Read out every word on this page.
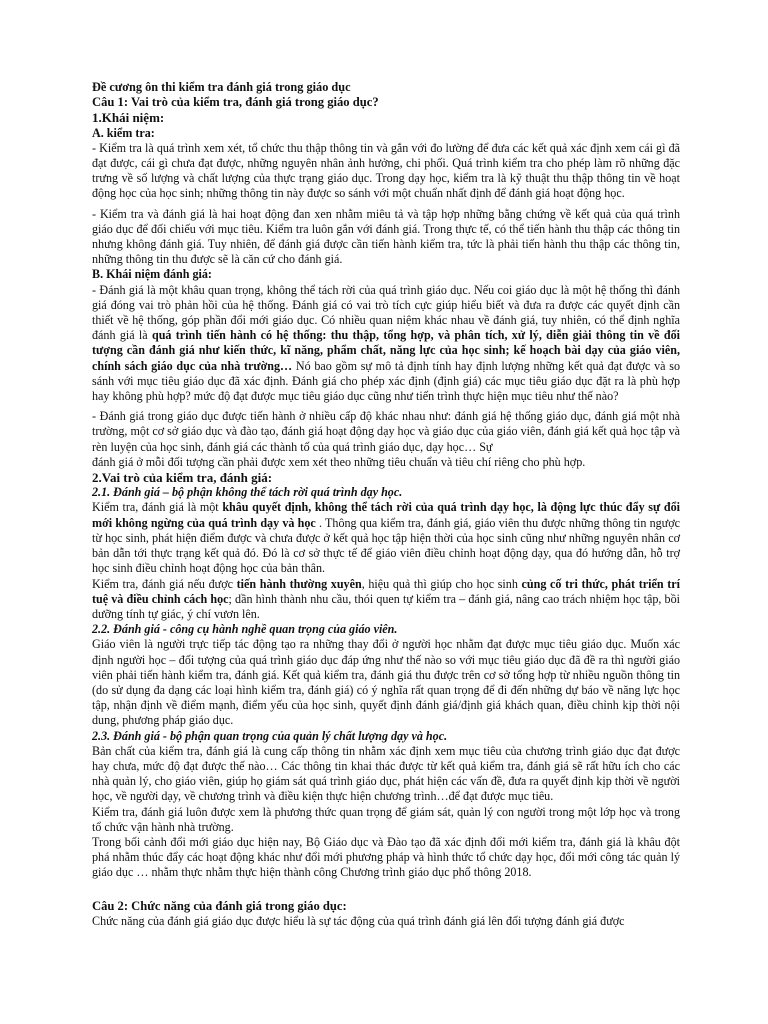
Đề cương ôn thi kiểm tra đánh giá trong giáo dục

Câu 1: Vai trò của kiểm tra, đánh giá trong giáo dục?

1.Khái niệm:

A. kiểm tra:

- Kiểm tra là quá trình xem xét, tổ chức thu thập thông tin và gắn với đo lường để đưa các kết quả xác định xem cái gì đã đạt được, cái gì chưa đạt được, những nguyên nhân ảnh hưởng, chi phối. Quá trình kiểm tra cho phép làm rõ những đặc trưng về số lượng và chất lượng của thực trạng giáo dục. Trong dạy học, kiểm tra là kỹ thuật thu thập thông tin về hoạt động học của học sinh; những thông tin này được so sánh với một chuẩn nhất định để đánh giá hoạt động học.

- Kiểm tra và đánh giá là hai hoạt động đan xen nhằm miêu tả và tập hợp những bằng chứng về kết quả của quá trình giáo dục để đối chiếu với mục tiêu. Kiểm tra luôn gắn với đánh giá. Trong thực tế, có thể tiến hành thu thập các thông tin nhưng không đánh giá. Tuy nhiên, để đánh giá được cần tiến hành kiểm tra, tức là phải tiến hành thu thập các thông tin, những thông tin thu được sẽ là căn cứ cho đánh giá.

B. Khái niệm đánh giá:

- Đánh giá là một khâu quan trọng, không thể tách rời của quá trình giáo dục. Nếu coi giáo dục là một hệ thống thì đánh giá đóng vai trò phản hồi của hệ thống. Đánh giá có vai trò tích cực giúp hiểu biết và đưa ra được các quyết định cần thiết về hệ thống, góp phần đổi mới giáo dục. Có nhiều quan niệm khác nhau về đánh giá, tuy nhiên, có thể định nghĩa đánh giá là quá trình tiến hành có hệ thống: thu thập, tổng hợp, và phân tích, xử lý, diễn giải thông tin về đối tượng cần đánh giá như kiến thức, kĩ năng, phẩm chất, năng lực của học sinh; kế hoạch bài dạy của giáo viên, chính sách giáo dục của nhà trường… Nó bao gồm sự mô tả định tính hay định lượng những kết quả đạt được và so sánh với mục tiêu giáo dục đã xác định. Đánh giá cho phép xác định (định giá) các mục tiêu giáo dục đặt ra là phù hợp hay không phù hợp? mức độ đạt được mục tiêu giáo dục cũng như tiến trình thực hiện mục tiêu như thế nào?

- Đánh giá trong giáo dục được tiến hành ở nhiều cấp độ khác nhau như: đánh giá hệ thống giáo dục, đánh giá một nhà trường, một cơ sở giáo dục và đào tạo, đánh giá hoạt động dạy học và giáo dục của giáo viên, đánh giá kết quả học tập và rèn luyện của học sinh, đánh giá các thành tố của quá trình giáo dục, dạy học… Sự

đánh giá ở mỗi đối tượng cần phải được xem xét theo những tiêu chuẩn và tiêu chí riêng cho phù hợp.

2.Vai trò của kiểm tra, đánh giá:

2.1. Đánh giá – bộ phận không thể tách rời quá trình dạy học.

Kiểm tra, đánh giá là một khâu quyết định, không thể tách rời của quá trình dạy học, là động lực thúc đẩy sự đổi mới không ngừng của quá trình dạy và học . Thông qua kiểm tra, đánh giá, giáo viên thu được những thông tin ngược từ học sinh, phát hiện điểm được và chưa được ở kết quả học tập hiện thời của học sinh cũng như những nguyên nhân cơ bản dẫn tới thực trạng kết quả đó. Đó là cơ sở thực tế để giáo viên điều chỉnh hoạt động dạy, qua đó hướng dẫn, hỗ trợ học sinh điều chỉnh hoạt động học của bản thân.

Kiểm tra, đánh giá nếu được tiến hành thường xuyên, hiệu quả thì giúp cho học sinh củng cố tri thức, phát triển trí tuệ và điều chỉnh cách học; dần hình thành nhu cầu, thói quen tự kiểm tra – đánh giá, nâng cao trách nhiệm học tập, bồi dưỡng tính tự giác, ý chí vươn lên.

2.2. Đánh giá - công cụ hành nghề quan trọng của giáo viên.

Giáo viên là người trực tiếp tác động tạo ra những thay đổi ở người học nhằm đạt được mục tiêu giáo dục. Muốn xác định người học – đối tượng của quá trình giáo dục đáp ứng như thế nào so với mục tiêu giáo dục đã đề ra thì người giáo viên phải tiến hành kiểm tra, đánh giá. Kết quả kiểm tra, đánh giá thu được trên cơ sở tổng hợp từ nhiều nguồn thông tin (do sử dụng đa dạng các loại hình kiểm tra, đánh giá) có ý nghĩa rất quan trọng để đi đến những dự báo về năng lực học tập, nhận định về điểm mạnh, điểm yếu của học sinh, quyết định đánh giá/định giá khách quan, điều chỉnh kịp thời nội dung, phương pháp giáo dục.

2.3. Đánh giá - bộ phận quan trọng của quản lý chất lượng dạy và học.

Bản chất của kiểm tra, đánh giá là cung cấp thông tin nhằm xác định xem mục tiêu của chương trình giáo dục đạt được hay chưa, mức độ đạt được thế nào… Các thông tin khai thác được từ kết quả kiểm tra, đánh giá sẽ rất hữu ích cho các nhà quản lý, cho giáo viên, giúp họ giám sát quá trình giáo dục, phát hiện các vấn đề, đưa ra quyết định kịp thời về người học, về người dạy, về chương trình và điều kiện thực hiện chương trình…để đạt được mục tiêu.

Kiểm tra, đánh giá luôn được xem là phương thức quan trọng để giám sát, quản lý con người trong một lớp học và trong tổ chức vận hành nhà trường.

Trong bối cảnh đổi mới giáo dục hiện nay, Bộ Giáo dục và Đào tạo đã xác định đổi mới kiểm tra, đánh giá là khâu đột phá nhằm thúc đẩy các hoạt động khác như đổi mới phương pháp và hình thức tổ chức dạy học, đổi mới công tác quản lý giáo dục … nhằm thực nhằm thực hiện thành công Chương trình giáo dục phổ thông 2018.

Câu 2: Chức năng của đánh giá trong giáo dục:

Chức năng của đánh giá giáo dục được hiểu là sự tác động của quá trình đánh giá lên đối tượng đánh giá được
